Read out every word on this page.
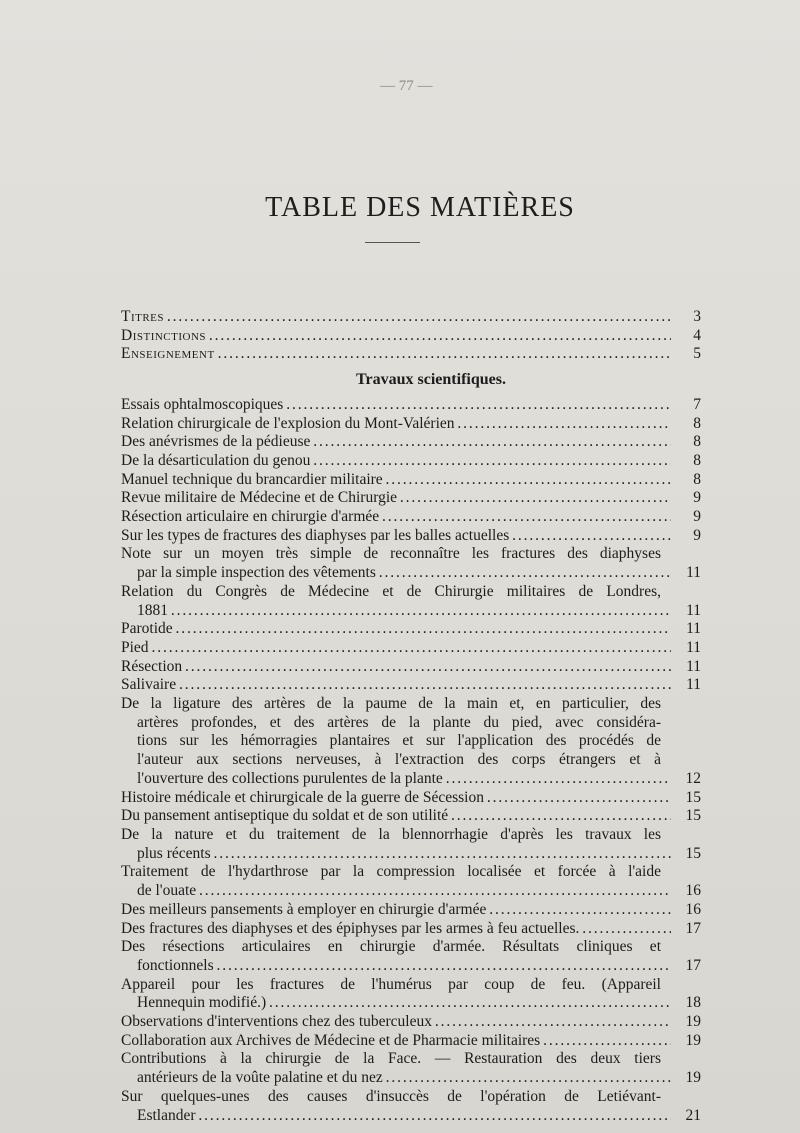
— 77 —
TABLE DES MATIÈRES
Titres . . .	3
Distinctions . . .	4
Enseignement . . .	5
Travaux scientifiques.
Essais ophtalmoscopiques . . .	7
Relation chirurgicale de l'explosion du Mont-Valérien . . .	8
Des anévrismes de la pédieuse . . .	8
De la désarticulation du genou . . .	8
Manuel technique du brancardier militaire . . .	8
Revue militaire de Médecine et de Chirurgie . . .	9
Résection articulaire en chirurgie d'armée . . .	9
Sur les types de fractures des diaphyses par les balles actuelles . . .	9
Note sur un moyen très simple de reconnaître les fractures des diaphyses
par la simple inspection des vêtements . . .	11
Relation du Congrès de Médecine et de Chirurgie militaires de Londres,
1881 . . .	11
Parotide . . .	11
Pied . . .	11
Résection . . .	11
Salivaire . . .	11
De la ligature des artères de la paume de la main et, en particulier, des
artères profondes, et des artères de la plante du pied, avec considéra-
tions sur les hémorragies plantaires et sur l'application des procédés de
l'auteur aux sections nerveuses, à l'extraction des corps étrangers et à
l'ouverture des collections purulentes de la plante . . .	12
Histoire médicale et chirurgicale de la guerre de Sécession . . .	15
Du pansement antiseptique du soldat et de son utilité . . .	15
De la nature et du traitement de la blennorrhagie d'après les travaux les
plus récents . . .	15
Traitement de l'hydarthrose par la compression localisée et forcée à l'aide
de l'ouate . . .	16
Des meilleurs pansements à employer en chirurgie d'armée . . .	16
Des fractures des diaphyses et des épiphyses par les armes à feu actuelles. . . .	17
Des résections articulaires en chirurgie d'armée. Résultats cliniques et
fonctionnels . . .	17
Appareil pour les fractures de l'humérus par coup de feu. (Appareil
Hennequin modifié.) . . .	18
Observations d'interventions chez des tuberculeux . . .	19
Collaboration aux Archives de Médecine et de Pharmacie militaires . . .	19
Contributions à la chirurgie de la Face. — Restauration des deux tiers
antérieurs de la voûte palatine et du nez . . .	19
Sur quelques-unes des causes d'insuccès de l'opération de Letiévant-
Estlander . . .	21
